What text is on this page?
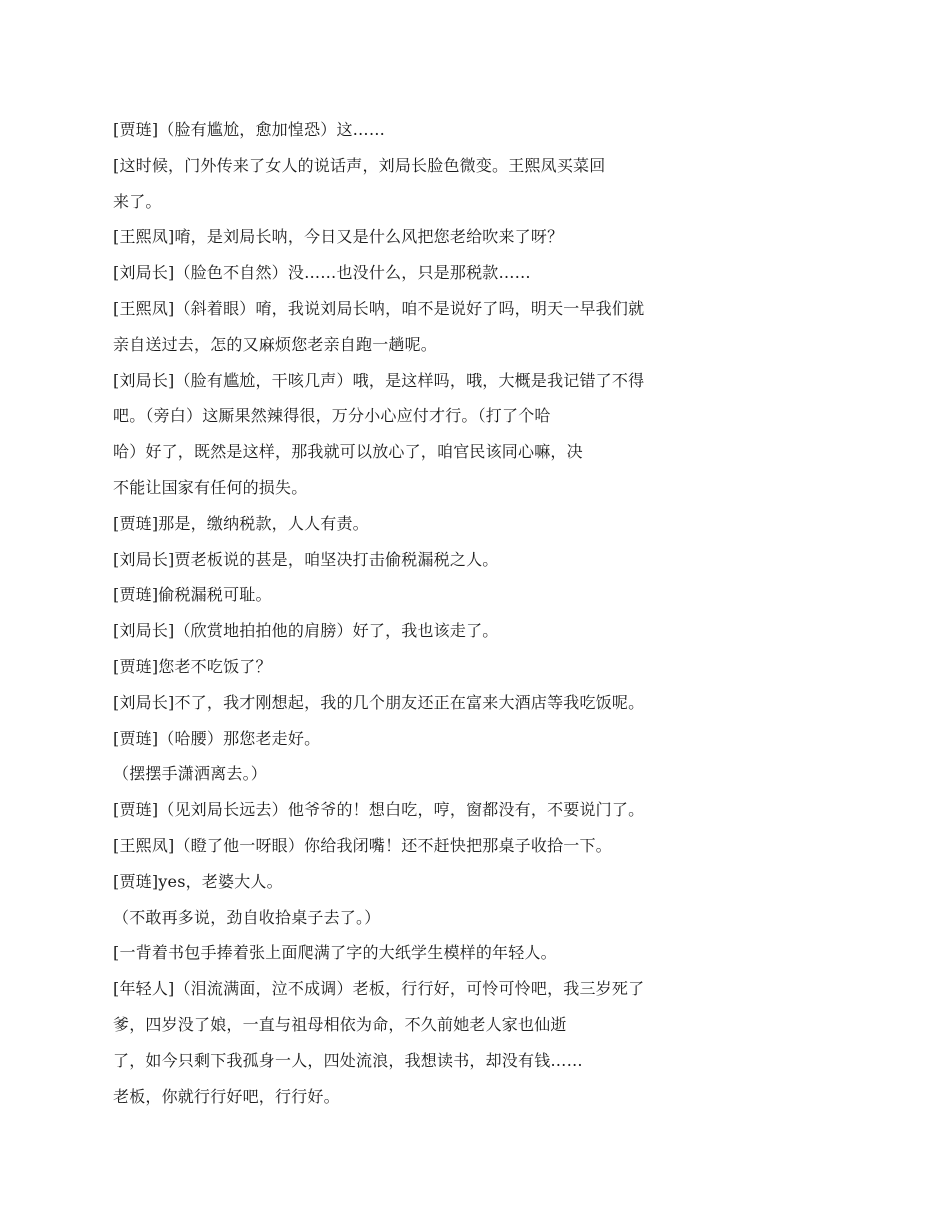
[贾琏]（脸有尴尬，愈加惶恐）这……
[这时候，门外传来了女人的说话声，刘局长脸色微变。王熙凤买菜回
来了。
[王熙凤]唷，是刘局长呐，今日又是什么风把您老给吹来了呀？
[刘局长]（脸色不自然）没……也没什么，只是那税款……
[王熙凤]（斜着眼）唷，我说刘局长呐，咱不是说好了吗，明天一早我们就
亲自送过去，怎的又麻烦您老亲自跑一趟呢。
[刘局长]（脸有尴尬，干咳几声）哦，是这样吗，哦，大概是我记错了不得
吧。（旁白）这厮果然辣得很，万分小心应付才行。（打了个哈
哈）好了，既然是这样，那我就可以放心了，咱官民该同心嘛，决
不能让国家有任何的损失。
[贾琏]那是，缴纳税款，人人有责。
[刘局长]贾老板说的甚是，咱坚决打击偷税漏税之人。
[贾琏]偷税漏税可耻。
[刘局长]（欣赏地拍拍他的肩膀）好了，我也该走了。
[贾琏]您老不吃饭了？
[刘局长]不了，我才刚想起，我的几个朋友还正在富来大酒店等我吃饭呢。
[贾琏]（哈腰）那您老走好。
（摆摆手潇洒离去。）
[贾琏]（见刘局长远去）他爷爷的！想白吃，哼，窗都没有，不要说门了。
[王熙凤]（瞪了他一呀眼）你给我闭嘴！还不赶快把那桌子收拾一下。
[贾琏]yes，老婆大人。
（不敢再多说，劲自收拾桌子去了。）
[一背着书包手捧着张上面爬满了字的大纸学生模样的年轻人。
[年轻人]（泪流满面，泣不成调）老板，行行好，可怜可怜吧，我三岁死了
爹，四岁没了娘，一直与祖母相依为命，不久前她老人家也仙逝
了，如今只剩下我孤身一人，四处流浪，我想读书，却没有钱……
老板，你就行行好吧，行行好。
